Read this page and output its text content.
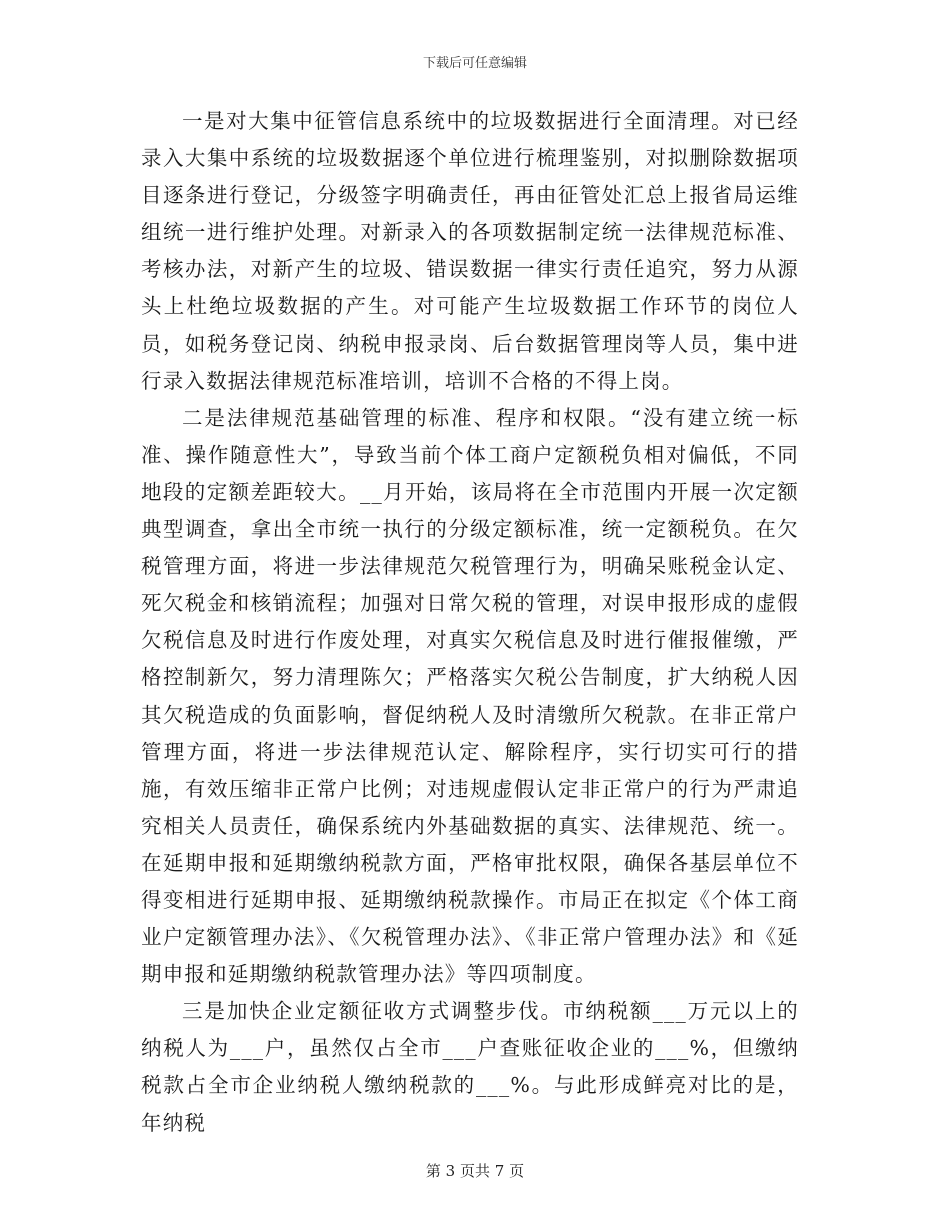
下载后可任意编辑

一是对大集中征管信息系统中的垃圾数据进行全面清理。对已经录入大集中系统的垃圾数据逐个单位进行梳理鉴别，对拟删除数据项目逐条进行登记，分级签字明确责任，再由征管处汇总上报省局运维组统一进行维护处理。对新录入的各项数据制定统一法律规范标准、考核办法，对新产生的垃圾、错误数据一律实行责任追究，努力从源头上杜绝垃圾数据的产生。对可能产生垃圾数据工作环节的岗位人员，如税务登记岗、纳税申报录岗、后台数据管理岗等人员，集中进行录入数据法律规范标准培训，培训不合格的不得上岗。

二是法律规范基础管理的标准、程序和权限。“没有建立统一标准、操作随意性大”，导致当前个体工商户定额税负相对偏低，不同地段的定额差距较大。__月开始，该局将在全市范围内开展一次定额典型调查，拿出全市统一执行的分级定额标准，统一定额税负。在欠税管理方面，将进一步法律规范欠税管理行为，明确呆账税金认定、死欠税金和核销流程；加强对日常欠税的管理，对误申报形成的虚假欠税信息及时进行作废处理，对真实欠税信息及时进行催报催缴，严格控制新欠，努力清理陈欠；严格落实欠税公告制度，扩大纳税人因其欠税造成的负面影响，督促纳税人及时清缴所欠税款。在非正常户管理方面，将进一步法律规范认定、解除程序，实行切实可行的措施，有效压缩非正常户比例；对违规虚假认定非正常户的行为严肃追究相关人员责任，确保系统内外基础数据的真实、法律规范、统一。在延期申报和延期缴纳税款方面，严格审批权限，确保各基层单位不得变相进行延期申报、延期缴纳税款操作。市局正在拟定《个体工商业户定额管理办法》、《欠税管理办法》、《非正常户管理办法》和《延期申报和延期缴纳税款管理办法》等四项制度。

三是加快企业定额征收方式调整步伐。市纳税额___万元以上的纳税人为___户，虽然仅占全市___户查账征收企业的___%，但缴纳税款占全市企业纳税人缴纳税款的___%。与此形成鲜亮对比的是，年纳税

第 3 页共 7 页
